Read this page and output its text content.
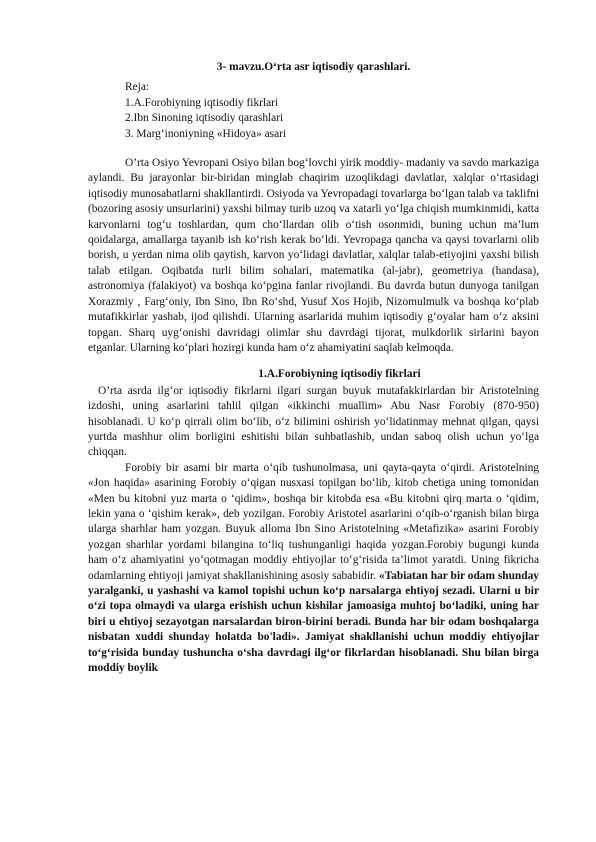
3- mavzu.O‘rta asr iqtisodiy qarashlari.
Reja:
1.A.Forobiyning iqtisodiy fikrlari
2.Ibn Sinoning iqtisodiy qarashlari
3. Marg‘inoniyning «Hidoya» asari

O’rta Osiyo Yevropani Osiyo bilan bog‘lovchi yirik moddiy- madaniy va savdo markaziga aylandi. Bu jarayonlar bir-biridan minglab chaqirim uzoqlikdagi davlatlar, xalqlar o‘rtasidagi iqtisodiy munosabatlarni shakllantirdi. Osiyoda va Yevropadagi tovarlarga bo‘lgan talab va taklifni (bozoring asosiy unsurlarini) yaxshi bilmay turib uzoq va xatarli yo‘lga chiqish mumkinmidi, katta karvonlarni tog‘u toshlardan, qum cho‘llardan olib o‘tish osonmidi, buning uchun ma’lum qoidalarga, amallarga tayanib ish ko‘rish kerak bo‘ldi. Yevropaga qancha va qaysi tovarlarni olib borish, u yerdan nima olib qaytish, karvon yo‘lidagi davlatlar, xalqlar talab-etiyojini yaxshi bilish talab etilgan. Oqibatda turli bilim sohalari, matematika (al-jabr), geometriya (handasa), astronomiya (falakiyot) va boshqa ko‘pgina fanlar rivojlandi. Bu davrda butun dunyoga tanilgan Xorazmiy , Farg‘oniy, Ibn Sino, Ibn Ro‘shd, Yusuf Xos Hojib, Nizomulmulk va boshqa ko‘plab mutafikkirlar yashab, ijod qilishdi. Ularning asarlarida muhim iqtisodiy g‘oyalar ham o‘z aksini topgan. Sharq uyg‘onishi davridagi olimlar shu davrdagi tijorat, mulkdorlik sirlarini bayon etganlar. Ularning ko‘plari hozirgi kunda ham o‘z ahamiyatini saqlab kelmoqda.

1.A.Forobiyning iqtisodiy fikrlari

O’rta asrda ilg‘or iqtisodiy fikrlarni ilgari surgan buyuk mutafakkirlardan bir Aristotelning izdoshi, uning asarlarini tahlil qilgan «ikkinchi muallim» Abu Nasr Forobiy (870-950) hisoblanadi. U ko‘p qirrali olim bo‘lib, o‘z bilimini oshirish yo‘lidatinmay mehnat qilgan, qaysi yurtda mashhur olim borligini eshitishi bilan suhbatlashib, undan saboq olish uchun yo‘lga chiqqan.

Forobiy bir asami bir marta o‘qib tushunolmasa, uni qayta-qayta o‘qirdi. Aristotelning «Jon haqida» asarining Forobiy o‘qigan nusxasi topilgan bo‘lib, kitob chetiga uning tomonidan «Men bu kitobni yuz marta o ‘qidim», boshqa bir kitobda esa «Bu kitobni qirq marta o ‘qidim, lekin yana o ‘qishim kerak», deb yozilgan. Forobiy Aristotel asarlarini o‘qib-o‘rganish bilan birga ularga sharhlar ham yozgan. Buyuk alloma Ibn Sino Aristotelning «Metafizika» asarini Forobiy yozgan sharhlar yordami bilangina to‘liq tushunganligi haqida yozgan.Forobiy bugungi kunda ham o‘z ahamiyatini yo‘qotmagan moddiy ehtiyojlar to‘g‘risida ta’limot yaratdi. Uning fikricha odamlarning ehtiyoji jamiyat shakllanishining asosiy sababidir. «Tabiatan har bir odam shunday yaralganki, u yashashi va kamol topishi uchun ko‘p narsalarga ehtiyoj sezadi. Ularni u bir o‘zi topa olmaydi va ularga erishish uchun kishilar jamoasiga muhtoj bo‘ladiki, uning har biri u ehtiyoj sezayotgan narsalardan biron-birini beradi. Bunda har bir odam boshqalarga nisbatan xuddi shunday holatda bo'ladi». Jamiyat shakllanishi uchun moddiy ehtiyojlar to‘g‘risida bunday tushuncha o‘sha davrdagi ilg‘or fikrlardan hisoblanadi. Shu bilan birga moddiy boylik
